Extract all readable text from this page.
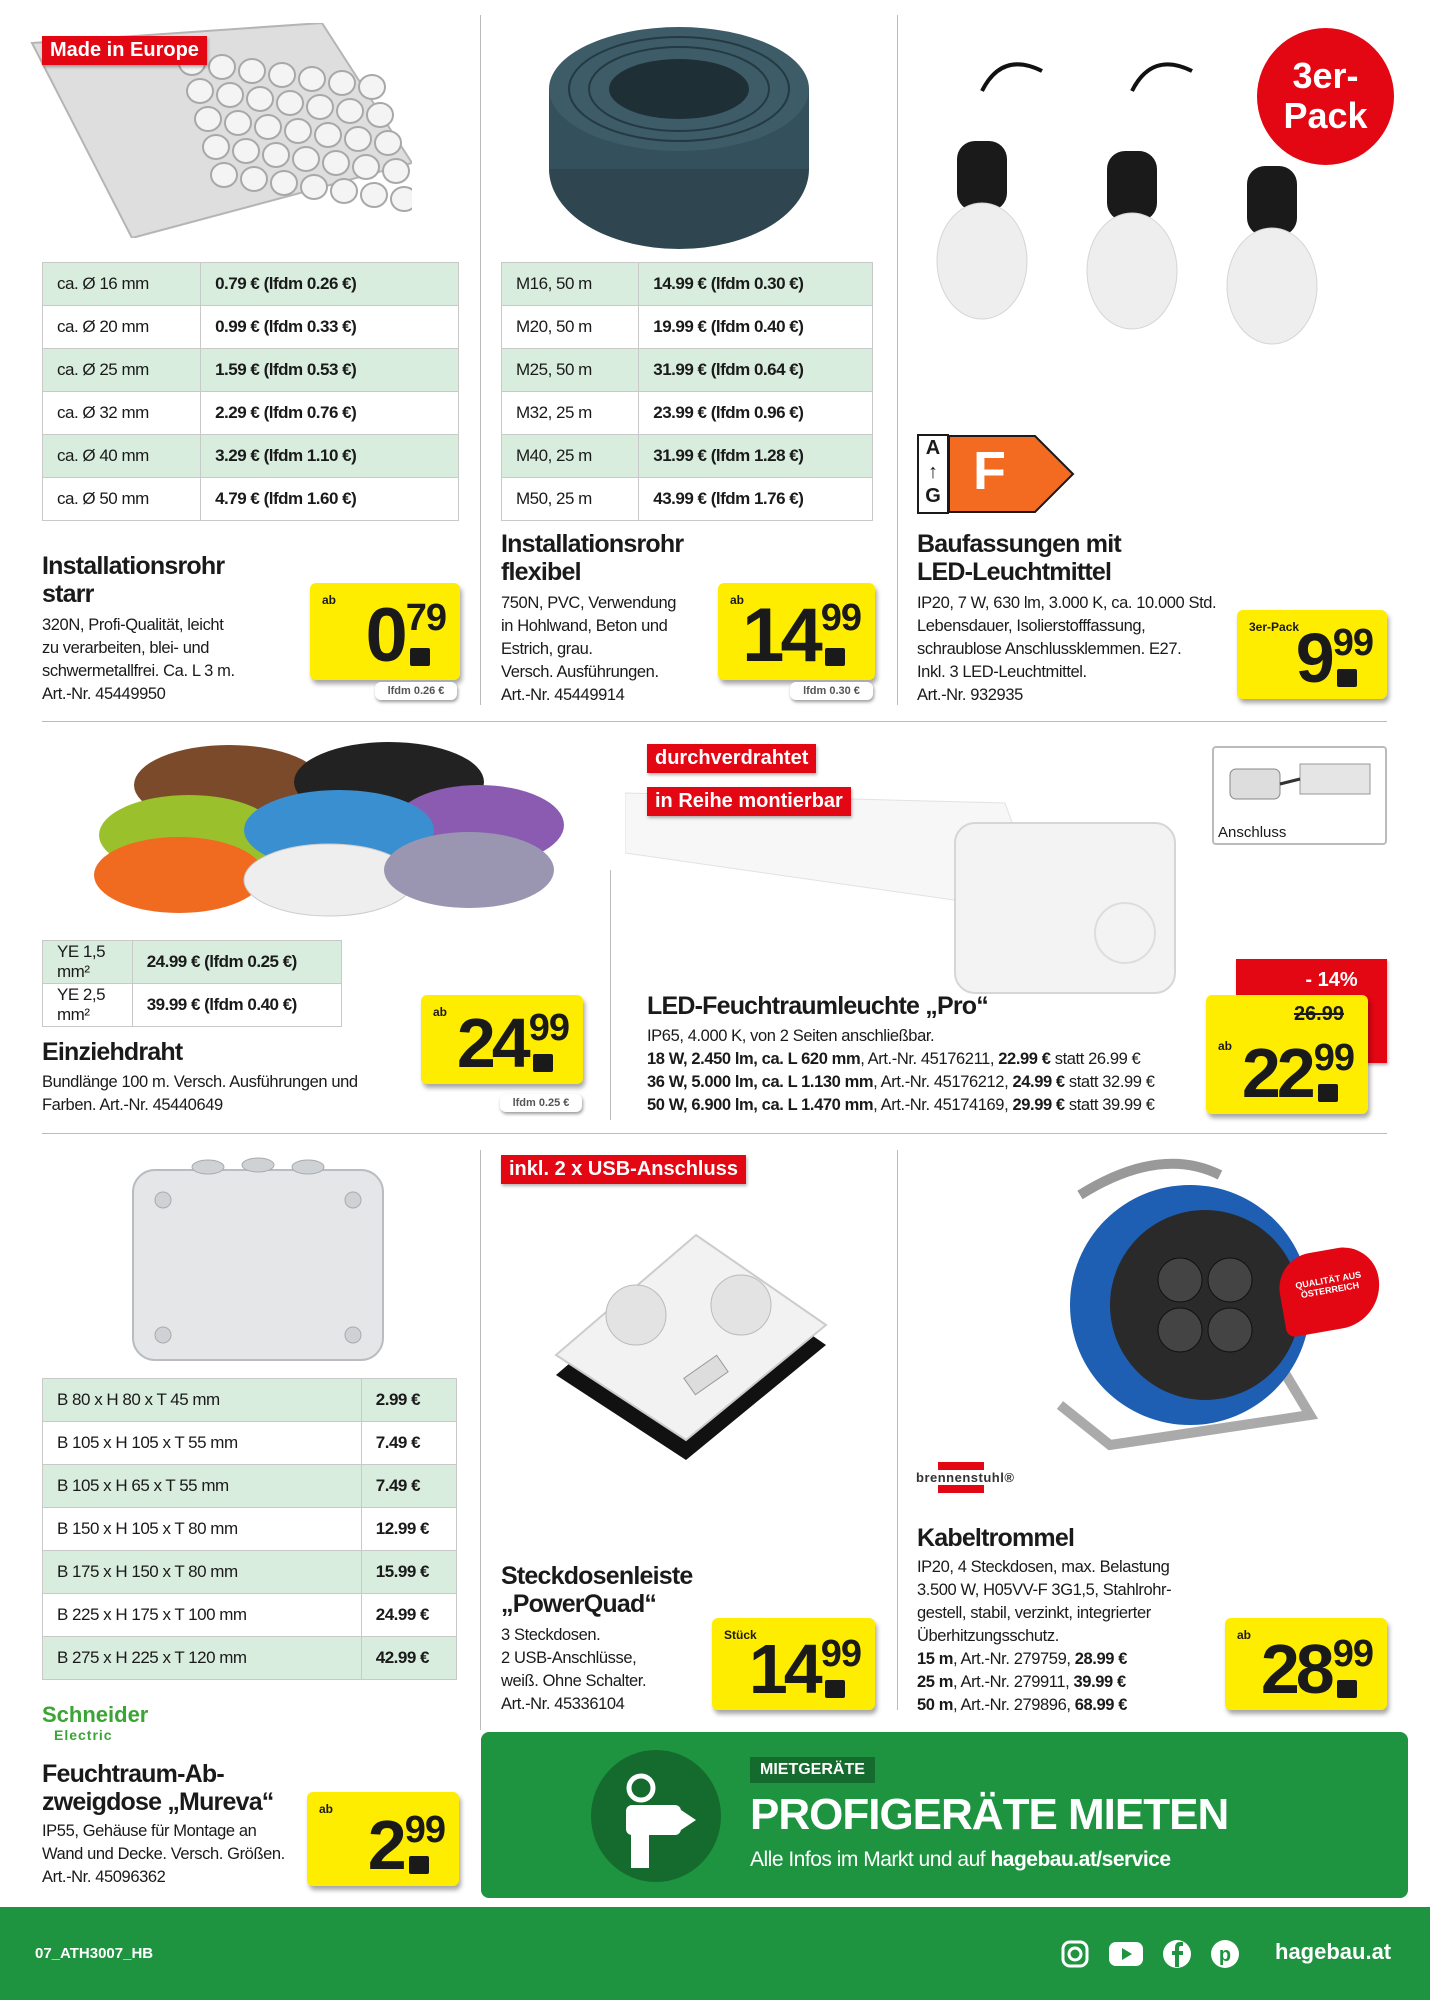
Made in Europe
ca. Ø 16 mm	0.79 € (lfdm 0.26 €)
ca. Ø 20 mm	0.99 € (lfdm 0.33 €)
ca. Ø 25 mm	1.59 € (lfdm 0.53 €)
ca. Ø 32 mm	2.29 € (lfdm 0.76 €)
ca. Ø 40 mm	3.29 € (lfdm 1.10 €)
ca. Ø 50 mm	4.79 € (lfdm 1.60 €)
Installationsrohr
starr
320N, Profi-Qualität, leicht
zu verarbeiten, blei- und
schwermetallfrei. Ca. L 3 m.
Art.-Nr. 45449950
ab 0 79
lfdm 0.26 €
M16, 50 m	14.99 € (lfdm 0.30 €)
M20, 50 m	19.99 € (lfdm 0.40 €)
M25, 50 m	31.99 € (lfdm 0.64 €)
M32, 25 m	23.99 € (lfdm 0.96 €)
M40, 25 m	31.99 € (lfdm 1.28 €)
M50, 25 m	43.99 € (lfdm 1.76 €)
Installationsrohr
flexibel
750N, PVC, Verwendung
in Hohlwand, Beton und
Estrich, grau.
Versch. Ausführungen.
Art.-Nr. 45449914
ab
14 99
lfdm 0.30 €
3er-
Pack
A
↑
G F
Baufassungen mit
LED-Leuchtmittel
IP20, 7 W, 630 lm, 3.000 K, ca. 10.000 Std.
Lebensdauer, Isolierstofffassung,
schraublose Anschlussklemmen. E27.
Inkl. 3 LED-Leuchtmittel.
Art.-Nr. 932935
3er-Pack
9 99
YE 1,5 mm²	24.99 € (lfdm 0.25 €)
YE 2,5 mm²	39.99 € (lfdm 0.40 €)
Einziehdraht
Bundlänge 100 m. Versch. Ausführungen und
Farben. Art.-Nr. 45440649
ab 24 99
lfdm 0.25 €
durchverdrahtet
in Reihe montierbar
Anschluss
LED-Feuchtraumleuchte „Pro“
IP65, 4.000 K, von 2 Seiten anschließbar.
18 W, 2.450 lm, ca. L 620 mm, Art.-Nr. 45176211, 22.99 € statt 26.99 €
36 W, 5.000 lm, ca. L 1.130 mm, Art.-Nr. 45176212, 24.99 € statt 32.99 €
50 W, 6.900 lm, ca. L 1.470 mm, Art.-Nr. 45174169, 29.99 € statt 39.99 €
- 14%
26.99
ab 22 99
B 80 x H 80 x T 45 mm	2.99 €
B 105 x H 105 x T 55 mm	7.49 €
B 105 x H 65 x T 55 mm	7.49 €
B 150 x H 105 x T 80 mm	12.99 €
B 175 x H 150 x T 80 mm	15.99 €
B 225 x H 175 x T 100 mm	24.99 €
B 275 x H 225 x T 120 mm	42.99 €
Schneider
Electric
Feuchtraum-Ab-
zweigdose „Mureva“
IP55, Gehäuse für Montage an
Wand und Decke. Versch. Größen.
Art.-Nr. 45096362
ab 2 99
inkl. 2 x USB-Anschluss
Steckdosenleiste
„PowerQuad“
3 Steckdosen.
2 USB-Anschlüsse,
weiß. Ohne Schalter.
Art.-Nr. 45336104
Stück
14 99
QUALITÄT AUS ÖSTERREICH
brennenstuhl®
Kabeltrommel
IP20, 4 Steckdosen, max. Belastung
3.500 W, H05VV-F 3G1,5, Stahlrohr-
gestell, stabil, verzinkt, integrierter
Überhitzungsschutz.
15 m, Art.-Nr. 279759, 28.99 €
25 m, Art.-Nr. 279911, 39.99 €
50 m, Art.-Nr. 279896, 68.99 €
ab 28 99
MIETGERÄTE
PROFIGERÄTE MIETEN
Alle Infos im Markt und auf hagebau.at/service
07_ATH3007_HB	p hagebau.at
